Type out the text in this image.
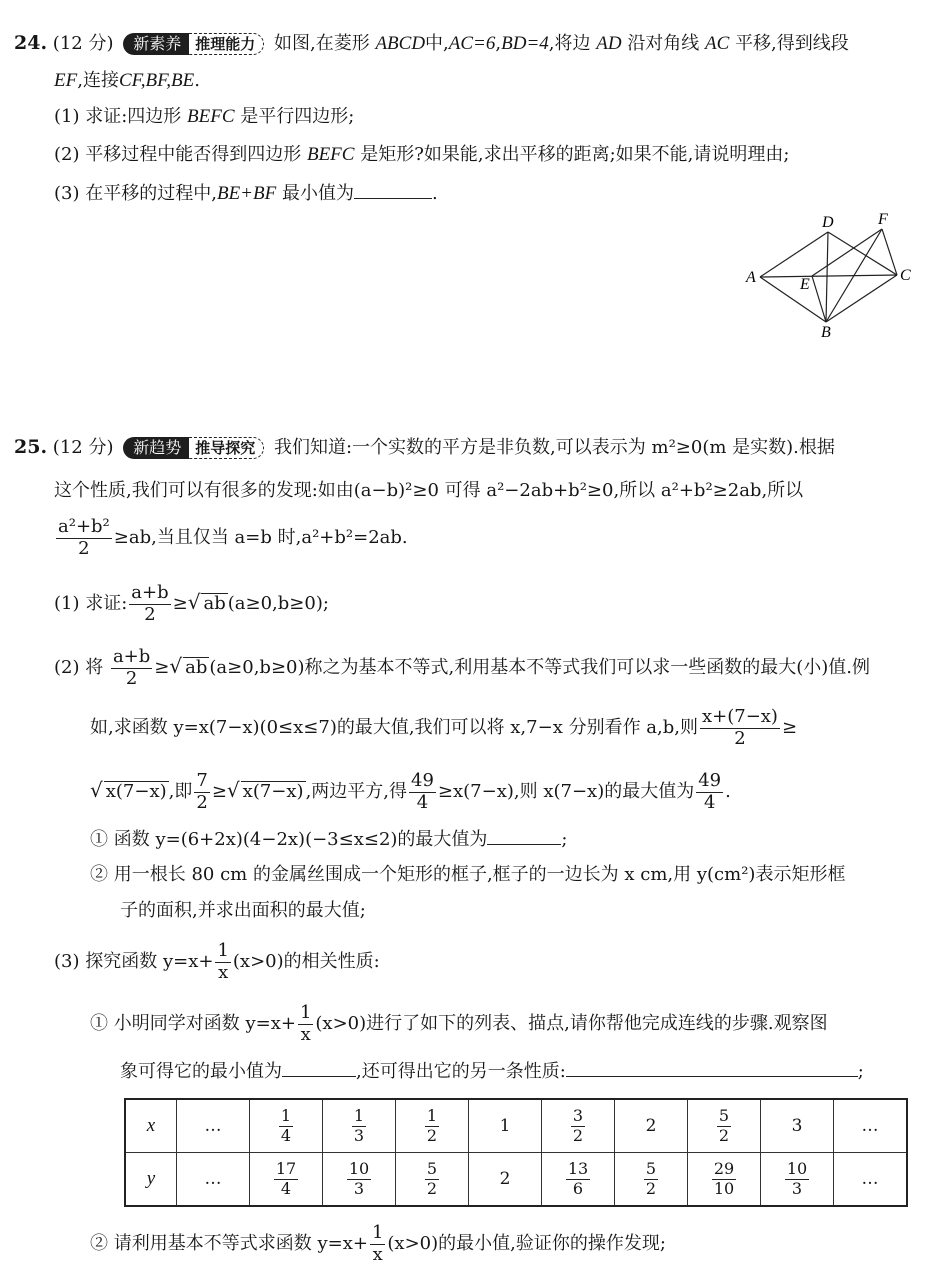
24. (12 分)	新素养 推理能力	如图,在菱形 ABCD中,AC=6,BD=4,将边 AD 沿对角线 AC 平移,得到线段
EF,连接CF,BF,BE.
(1) 求证:四边形 BEFC 是平行四边形;
(2) 平移过程中能否得到四边形 BEFC 是矩形?如果能,求出平移的距离;如果不能,请说明理由;
(3) 在平移的过程中,BE+BF 最小值为	.
A
D	F
C
E
B
25. (12 分)	新趋势 推导探究	我们知道:一个实数的平方是非负数,可以表示为 m²≥0(m 是实数).根据
这个性质,我们可以有很多的发现:如由(a−b)²≥0 可得 a²−2ab+b²≥0,所以 a²+b²≥2ab,所以
$\frac{\text{a²+b²}}{2} \ge ab$,当且仅当 a=b 时,a²+b²=2ab.
(1) 求证: $\frac{a+b}{2}$ ≥√ ab (a≥0,b≥0);
(2) 将 $\frac{a+b}{2}$ ≥√ ab (a≥0,b≥0)称之为基本不等式,利用基本不等式我们可以求一些函数的最大(小)值.例
如,求函数 y=x(7−x)(0≤x≤7)的最大值,我们可以将 x,7−x 分别看作 a,b,则 $\frac{x+(7-x)}{2}$ ≥
√ x(7−x) ,即 $\frac{7}{2}$ ≥√ x(7−x) ,两边平方,得 $\frac{49}{4} \ge x(7-x)$,则 x(7−x)的最大值为 $\frac{49}{4}$ .
① 函数 y=(6+2x)(4−2x)(−3≤x≤2)的最大值为	;
② 用一根长 80 cm 的金属丝围成一个矩形的框子,框子的一边长为 x cm,用 y(cm²)表示矩形框
子的面积,并求出面积的最大值;
(3) 探究函数 $y=x+ \frac{1}{x} (x>0)$的相关性质:
① 小明同学对函数 $y=x+ \frac{1}{x} (x>0)$进行了如下的列表、描点,请你帮他完成连线的步骤.观察图
象可得它的最小值为	,还可得出它的另一条性质:	;
x	…	$\frac{1}{4}$	$\frac{1}{3}$	$\frac{1}{2}$	1	$\frac{3}{2}$	2	$\frac{5}{2}$	3	…
y	…	$\frac{17}{4}$	$\frac{10}{3}$	$\frac{5}{2}$	2	$\frac{13}{6}$	$\frac{5}{2}$	$\frac{29}{10}$	$\frac{10}{3}$	…
② 请利用基本不等式求函数 $y=x+ \frac{1}{x} (x>0)$的最小值,验证你的操作发现;
